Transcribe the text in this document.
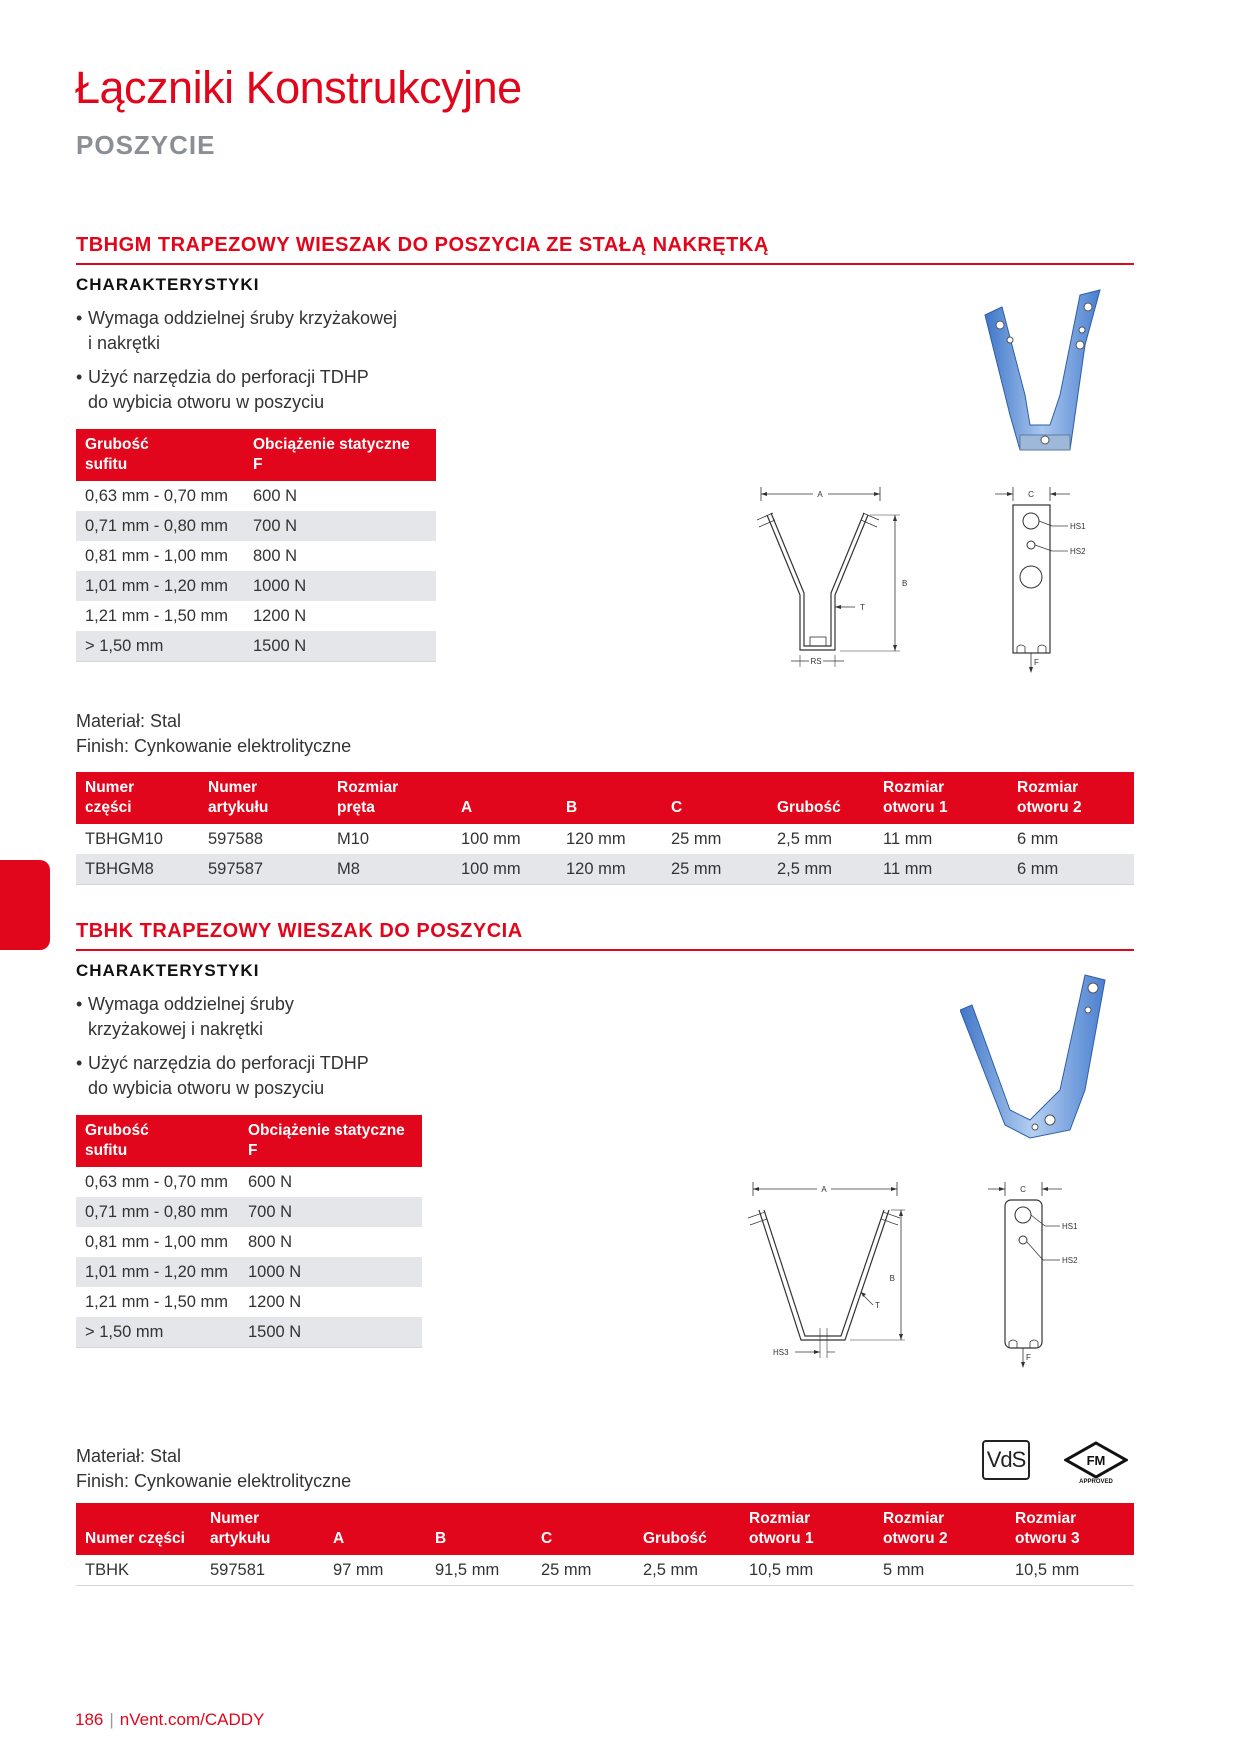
Łączniki Konstrukcyjne
POSZYCIE
TBHGM TRAPEZOWY WIESZAK DO POSZYCIA ZE STAŁĄ NAKRĘTKĄ
CHARAKTERYSTYKI
• Wymaga oddzielnej śruby krzyżakowej
i nakrętki
• Użyć narzędzia do perforacji TDHP
do wybicia otworu w poszyciu
Grubość
sufitu	Obciążenie statyczne
F
0,63 mm - 0,70 mm	600 N
0,71 mm - 0,80 mm	700 N
0,81 mm - 1,00 mm	800 N
1,01 mm - 1,20 mm	1000 N
1,21 mm - 1,50 mm	1200 N
> 1,50 mm	1500 N
A
B
T
RS
C
HS1
HS2
F
Materiał: Stal
Finish: Cynkowanie elektrolityczne
Numer
części	Numer
artykułu	Rozmiar
pręta	A	B	C	Grubość	Rozmiar
otworu 1	Rozmiar
otworu 2
TBHGM10	597588	M10	100 mm	120 mm	25 mm	2,5 mm	11 mm	6 mm
TBHGM8	597587	M8	100 mm	120 mm	25 mm	2,5 mm	11 mm	6 mm
TBHK TRAPEZOWY WIESZAK DO POSZYCIA
CHARAKTERYSTYKI
• Wymaga oddzielnej śruby
krzyżakowej i nakrętki
• Użyć narzędzia do perforacji TDHP
do wybicia otworu w poszyciu
Grubość
sufitu	Obciążenie statyczne
F
0,63 mm - 0,70 mm	600 N
0,71 mm - 0,80 mm	700 N
0,81 mm - 1,00 mm	800 N
1,01 mm - 1,20 mm	1000 N
1,21 mm - 1,50 mm	1200 N
> 1,50 mm	1500 N
A
B
T
HS3
C
HS1
HS2
F
Materiał: Stal
Finish: Cynkowanie elektrolityczne
VdS	FM
APPROVED
Numer części	Numer
artykułu	A	B	C	Grubość	Rozmiar
otworu 1	Rozmiar
otworu 2	Rozmiar
otworu 3
TBHK	597581	97 mm	91,5 mm	25 mm	2,5 mm	10,5 mm	5 mm	10,5 mm
186 | nVent.com/CADDY
